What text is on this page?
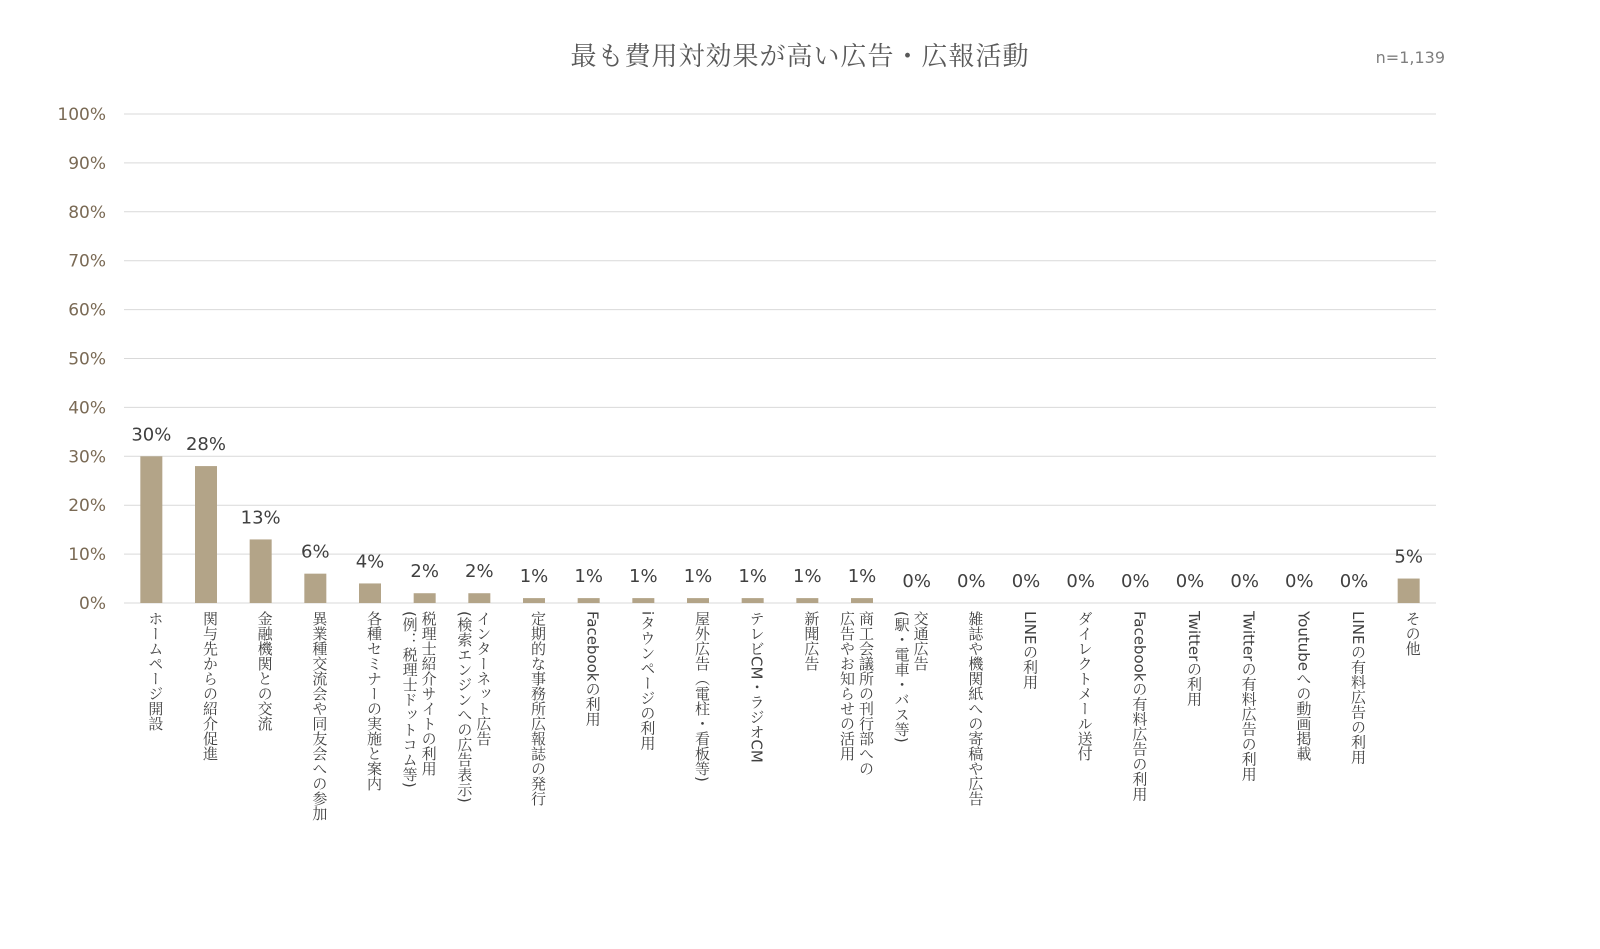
最も費用対効果が高い広告・広報活動	n=1,139
0%
10%
20%
30%
40%
50%
60%
70%
80%
90%
100%
30% 28%
13%
6% 4% 2% 2% 1% 1% 1% 1% 1% 1% 1% 0% 0% 0% 0% 0% 0% 0% 0% 0%
5%
ホームページ開設 関与先からの紹介促進 金融機関との交流 異業種交流会や同友会への参加 各種セミナーの実施と案内 税理士紹介サイトの利用
(例：税理士ドットコム等)	インターネット広告
(検索エンジンへの広告表示)	定期的な事務所広報誌の発行 Facebookの利用 iタウンページの利用 屋外広告（電柱・看板等) テレビCM・ラジオCM 新聞広告 商工会議所の刊行部への
広告やお知らせの活用	交通広告
(駅・電車・バス等)	雑誌や機関紙への寄稿や広告 LINEの利用 ダイレクトメール送付 Facebookの有料広告の利用 Twitterの利用 Twitterの有料広告の利用 Youtubeへの動画掲載 LINEの有料広告の利用 その他
